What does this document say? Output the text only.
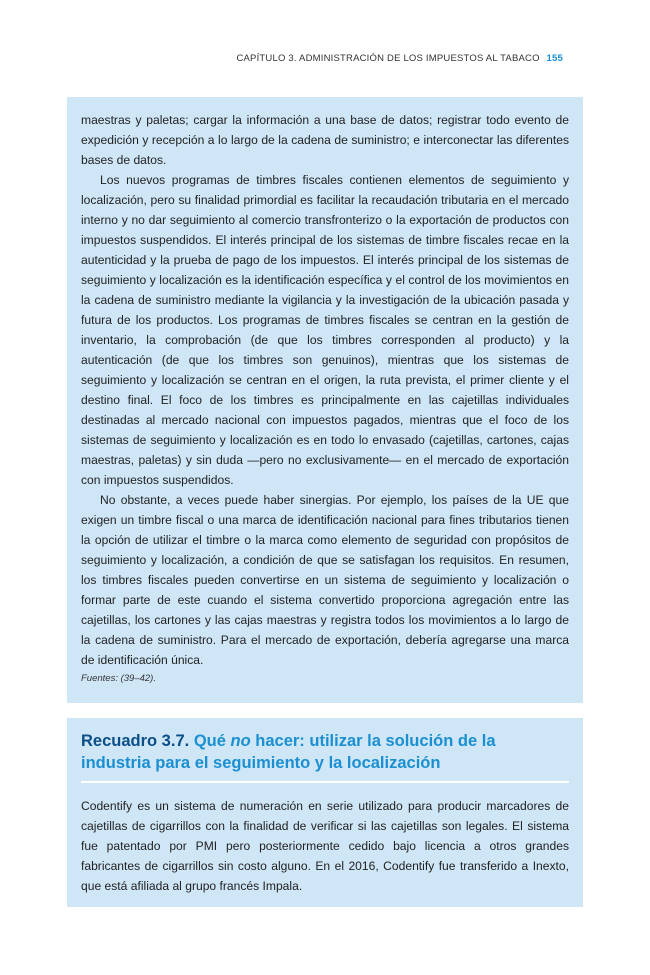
CAPÍTULO 3. ADMINISTRACIÓN DE LOS IMPUESTOS AL TABACO 155

maestras y paletas; cargar la información a una base de datos; registrar todo evento de expedición y recepción a lo largo de la cadena de suministro; e interconectar las diferentes bases de datos.

Los nuevos programas de timbres fiscales contienen elementos de seguimiento y localización, pero su finalidad primordial es facilitar la recaudación tributaria en el mercado interno y no dar seguimiento al comercio transfronterizo o la exportación de productos con impuestos suspendidos. El interés principal de los sistemas de timbre fiscales recae en la autenticidad y la prueba de pago de los impuestos. El interés principal de los sistemas de seguimiento y localización es la identificación específica y el control de los movimientos en la cadena de suministro mediante la vigilancia y la investigación de la ubicación pasada y futura de los productos. Los programas de timbres fiscales se centran en la gestión de inventario, la comprobación (de que los timbres corresponden al producto) y la autenticación (de que los timbres son genuinos), mientras que los sistemas de seguimiento y localización se centran en el origen, la ruta prevista, el primer cliente y el destino final. El foco de los timbres es principalmente en las cajetillas individuales destinadas al mercado nacional con impuestos pagados, mientras que el foco de los sistemas de seguimiento y localización es en todo lo envasado (cajetillas, cartones, cajas maestras, paletas) y sin duda —pero no exclusivamente— en el mercado de exportación con impuestos suspendidos.

No obstante, a veces puede haber sinergias. Por ejemplo, los países de la UE que exigen un timbre fiscal o una marca de identificación nacional para fines tributarios tienen la opción de utilizar el timbre o la marca como elemento de seguridad con propósitos de seguimiento y localización, a condición de que se satisfagan los requisitos. En resumen, los timbres fiscales pueden convertirse en un sistema de seguimiento y localización o formar parte de este cuando el sistema convertido proporciona agregación entre las cajetillas, los cartones y las cajas maestras y registra todos los movimientos a lo largo de la cadena de suministro. Para el mercado de exportación, debería agregarse una marca de identificación única.

Fuentes: (39–42).

Recuadro 3.7. Qué no hacer: utilizar la solución de la industria para el seguimiento y la localización

Codentify es un sistema de numeración en serie utilizado para producir marcadores de cajetillas de cigarrillos con la finalidad de verificar si las cajetillas son legales. El sistema fue patentado por PMI pero posteriormente cedido bajo licencia a otros grandes fabricantes de cigarrillos sin costo alguno. En el 2016, Codentify fue transferido a Inexto, que está afiliada al grupo francés Impala.
